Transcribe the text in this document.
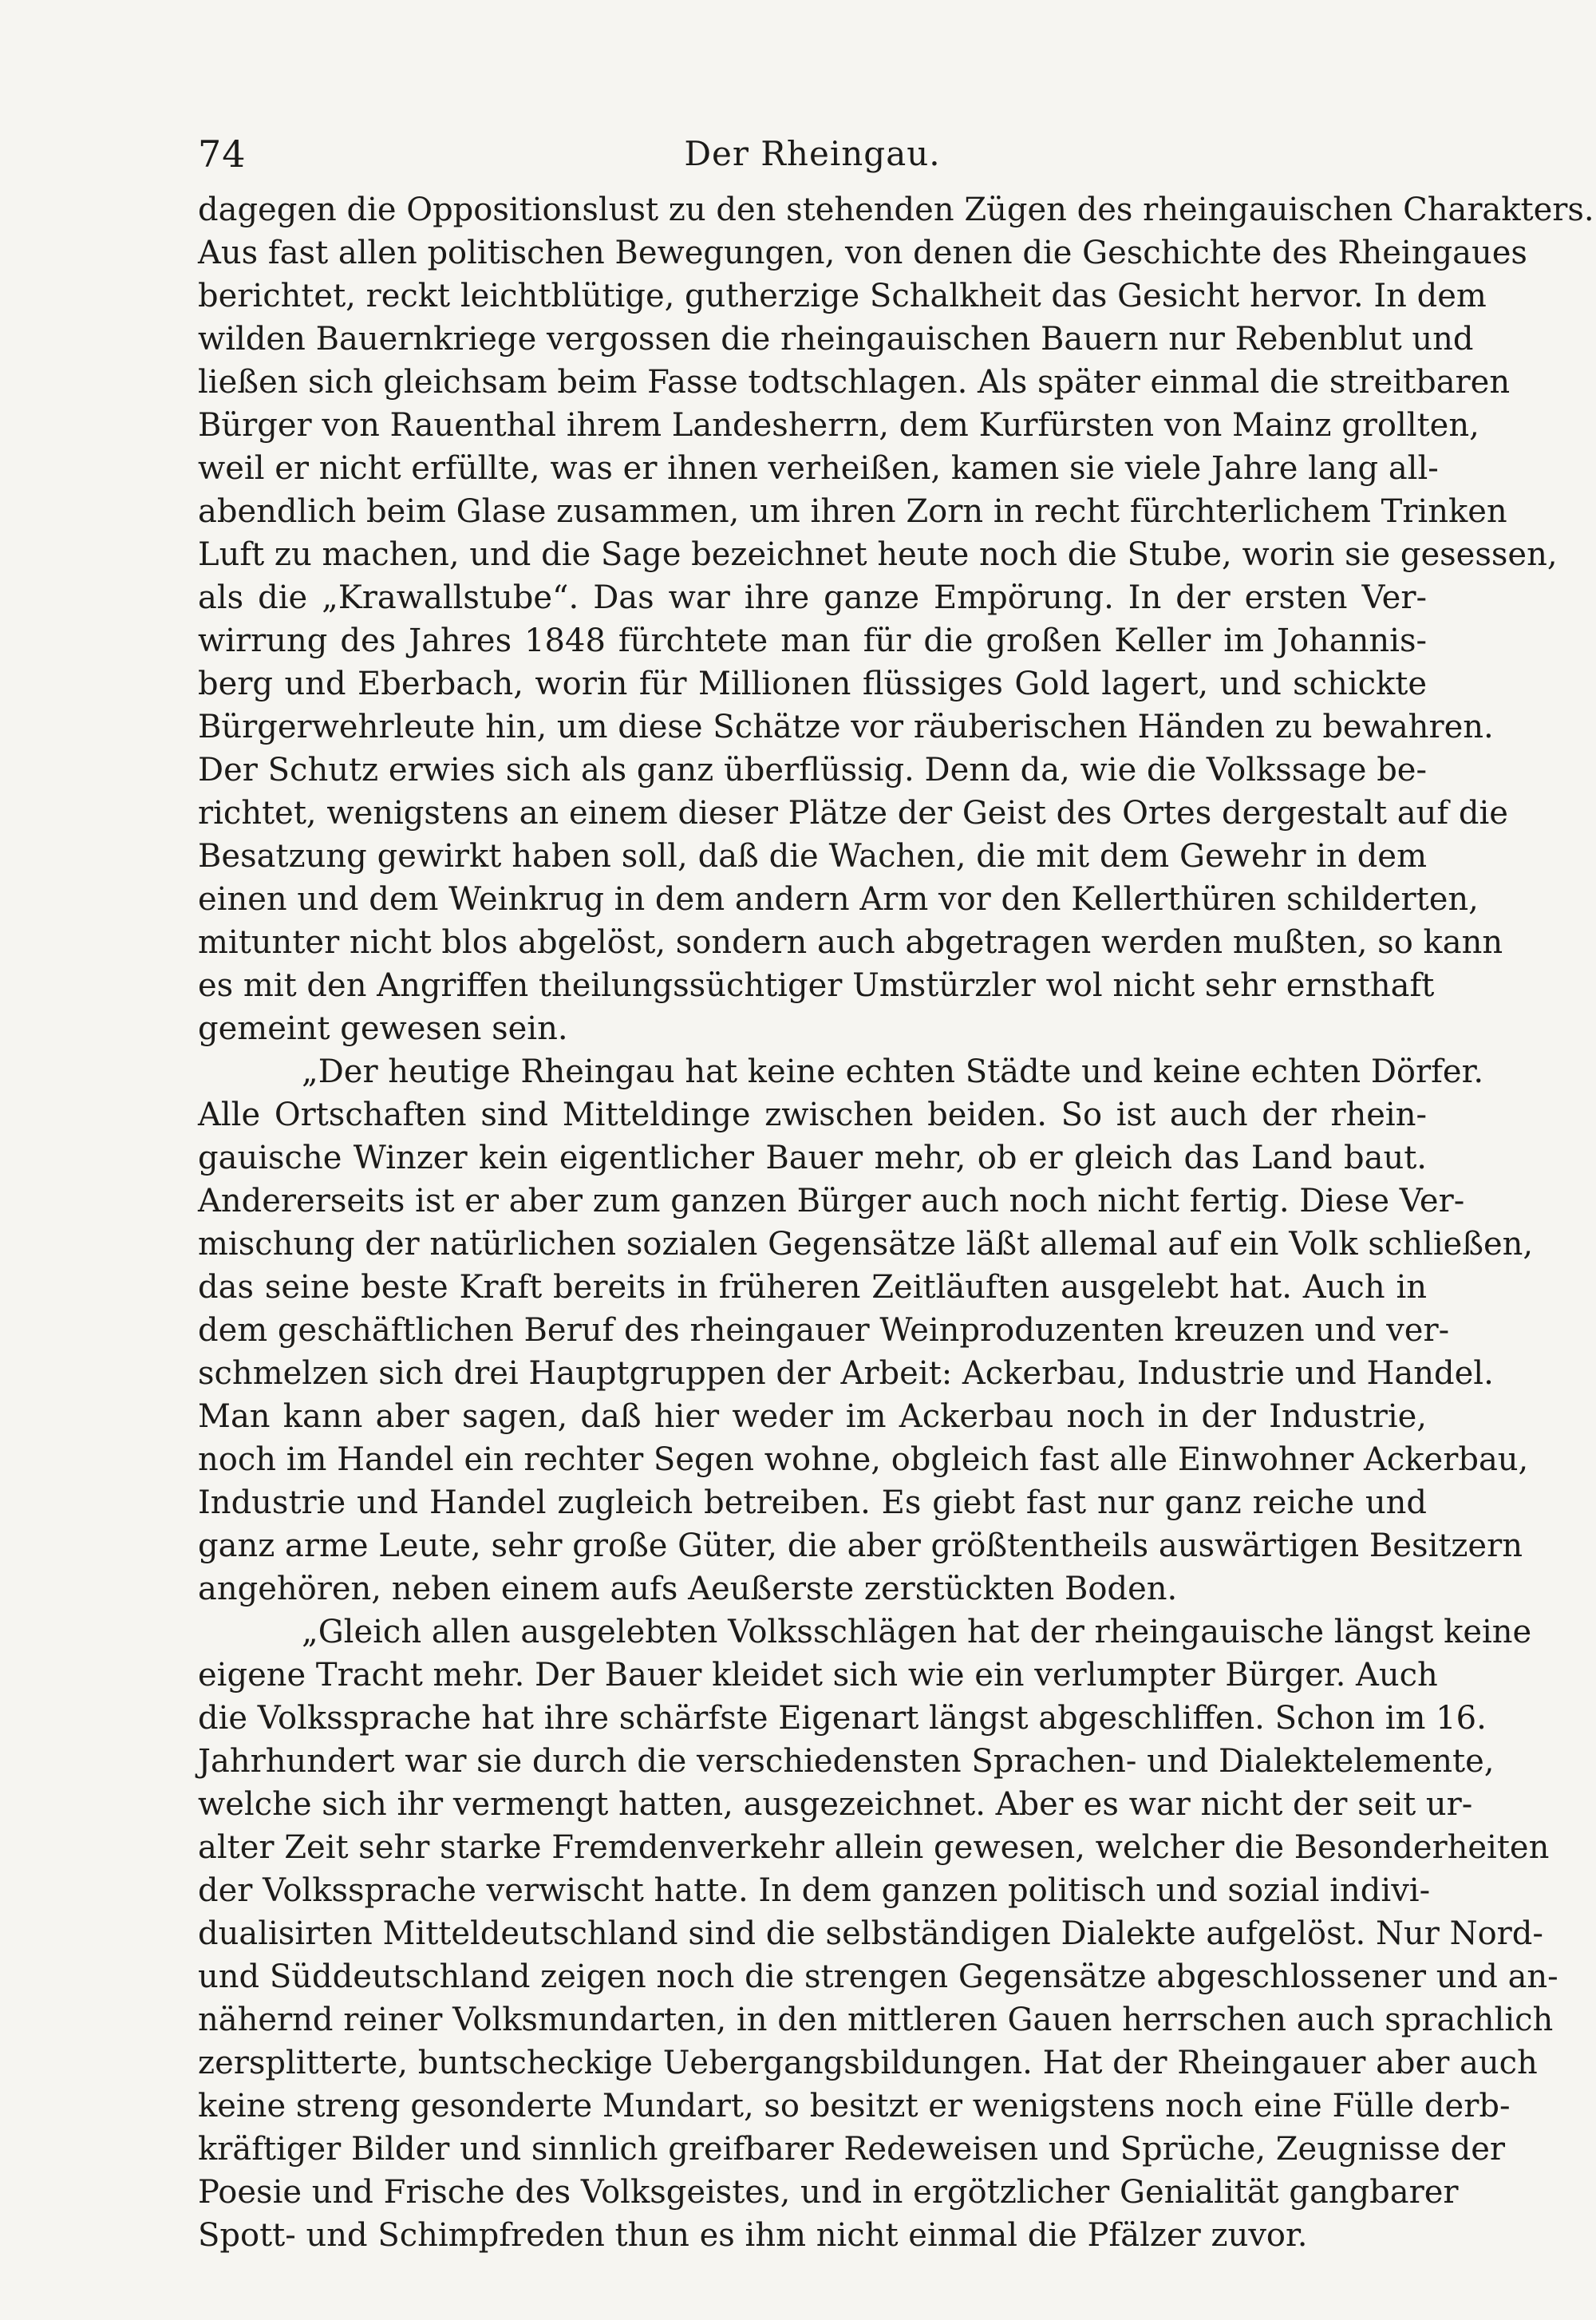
74	Der Rheingau.
dagegen die Oppositionslust zu den stehenden Zügen des rheingauischen Charakters.
Aus fast allen politischen Bewegungen, von denen die Geschichte des Rheingaues
berichtet, reckt leichtblütige, gutherzige Schalkheit das Gesicht hervor. In dem
wilden Bauernkriege vergossen die rheingauischen Bauern nur Rebenblut und
ließen sich gleichsam beim Fasse todtschlagen. Als später einmal die streitbaren
Bürger von Rauenthal ihrem Landesherrn, dem Kurfürsten von Mainz grollten,
weil er nicht erfüllte, was er ihnen verheißen, kamen sie viele Jahre lang all-
abendlich beim Glase zusammen, um ihren Zorn in recht fürchterlichem Trinken
Luft zu machen, und die Sage bezeichnet heute noch die Stube, worin sie gesessen,
als die „Krawallstube“. Das war ihre ganze Empörung. In der ersten Ver-
wirrung des Jahres 1848 fürchtete man für die großen Keller im Johannis-
berg und Eberbach, worin für Millionen flüssiges Gold lagert, und schickte
Bürgerwehrleute hin, um diese Schätze vor räuberischen Händen zu bewahren.
Der Schutz erwies sich als ganz überflüssig. Denn da, wie die Volkssage be-
richtet, wenigstens an einem dieser Plätze der Geist des Ortes dergestalt auf die
Besatzung gewirkt haben soll, daß die Wachen, die mit dem Gewehr in dem
einen und dem Weinkrug in dem andern Arm vor den Kellerthüren schilderten,
mitunter nicht blos abgelöst, sondern auch abgetragen werden mußten, so kann
es mit den Angriffen theilungssüchtiger Umstürzler wol nicht sehr ernsthaft
gemeint gewesen sein.
„Der heutige Rheingau hat keine echten Städte und keine echten Dörfer.
Alle Ortschaften sind Mitteldinge zwischen beiden. So ist auch der rhein-
gauische Winzer kein eigentlicher Bauer mehr, ob er gleich das Land baut.
Andererseits ist er aber zum ganzen Bürger auch noch nicht fertig. Diese Ver-
mischung der natürlichen sozialen Gegensätze läßt allemal auf ein Volk schließen,
das seine beste Kraft bereits in früheren Zeitläuften ausgelebt hat. Auch in
dem geschäftlichen Beruf des rheingauer Weinproduzenten kreuzen und ver-
schmelzen sich drei Hauptgruppen der Arbeit: Ackerbau, Industrie und Handel.
Man kann aber sagen, daß hier weder im Ackerbau noch in der Industrie,
noch im Handel ein rechter Segen wohne, obgleich fast alle Einwohner Ackerbau,
Industrie und Handel zugleich betreiben. Es giebt fast nur ganz reiche und
ganz arme Leute, sehr große Güter, die aber größtentheils auswärtigen Besitzern
angehören, neben einem aufs Aeußerste zerstückten Boden.
„Gleich allen ausgelebten Volksschlägen hat der rheingauische längst keine
eigene Tracht mehr. Der Bauer kleidet sich wie ein verlumpter Bürger. Auch
die Volkssprache hat ihre schärfste Eigenart längst abgeschliffen. Schon im 16.
Jahrhundert war sie durch die verschiedensten Sprachen- und Dialektelemente,
welche sich ihr vermengt hatten, ausgezeichnet. Aber es war nicht der seit ur-
alter Zeit sehr starke Fremdenverkehr allein gewesen, welcher die Besonderheiten
der Volkssprache verwischt hatte. In dem ganzen politisch und sozial indivi-
dualisirten Mitteldeutschland sind die selbständigen Dialekte aufgelöst. Nur Nord-
und Süddeutschland zeigen noch die strengen Gegensätze abgeschlossener und an-
nähernd reiner Volksmundarten, in den mittleren Gauen herrschen auch sprachlich
zersplitterte, buntscheckige Uebergangsbildungen. Hat der Rheingauer aber auch
keine streng gesonderte Mundart, so besitzt er wenigstens noch eine Fülle derb-
kräftiger Bilder und sinnlich greifbarer Redeweisen und Sprüche, Zeugnisse der
Poesie und Frische des Volksgeistes, und in ergötzlicher Genialität gangbarer
Spott- und Schimpfreden thun es ihm nicht einmal die Pfälzer zuvor.
